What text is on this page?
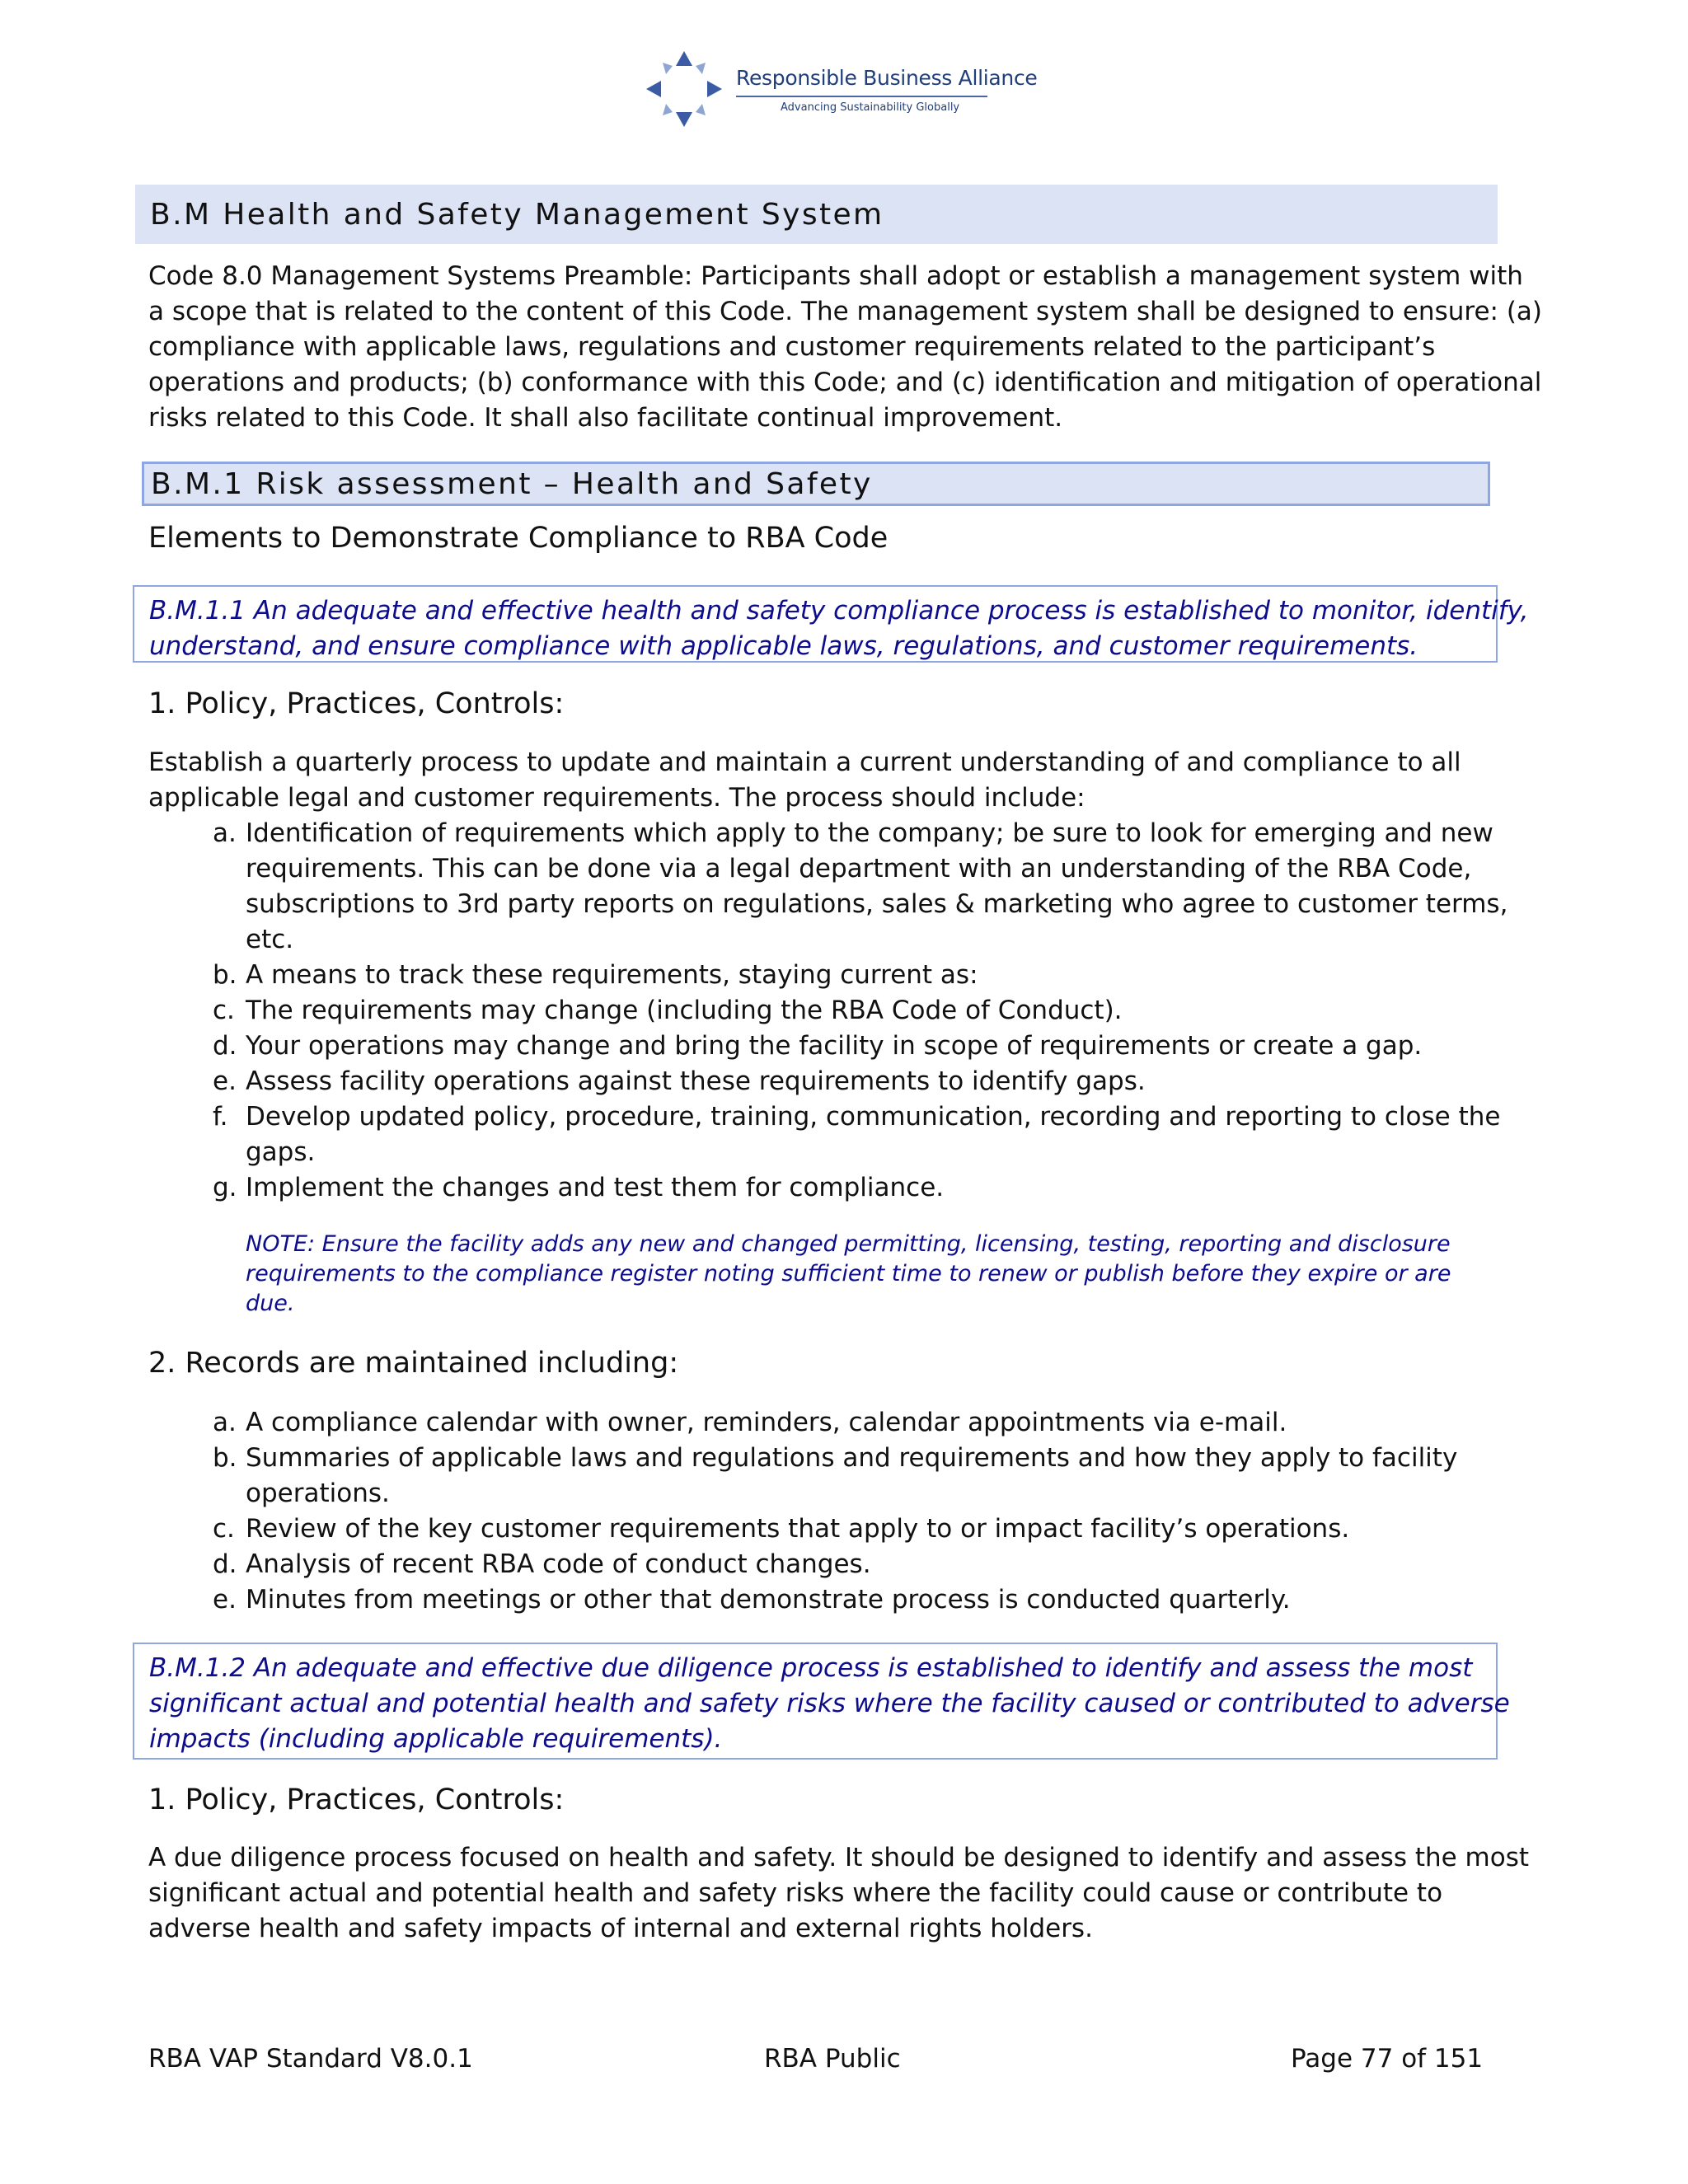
Responsible Business Alliance
Advancing Sustainability Globally
B.M Health and Safety Management System
Code 8.0 Management Systems Preamble: Participants shall adopt or establish a management system with
a scope that is related to the content of this Code. The management system shall be designed to ensure: (a)
compliance with applicable laws, regulations and customer requirements related to the participant’s
operations and products; (b) conformance with this Code; and (c) identification and mitigation of operational
risks related to this Code. It shall also facilitate continual improvement.
B.M.1 Risk assessment – Health and Safety
Elements to Demonstrate Compliance to RBA Code
B.M.1.1 An adequate and effective health and safety compliance process is established to monitor, identify,
understand, and ensure compliance with applicable laws, regulations, and customer requirements.
1. Policy, Practices, Controls:
Establish a quarterly process to update and maintain a current understanding of and compliance to all
applicable legal and customer requirements. The process should include:
a. Identification of requirements which apply to the company; be sure to look for emerging and new
requirements. This can be done via a legal department with an understanding of the RBA Code,
subscriptions to 3rd party reports on regulations, sales & marketing who agree to customer terms,
etc.
b. A means to track these requirements, staying current as:
c. The requirements may change (including the RBA Code of Conduct).
d. Your operations may change and bring the facility in scope of requirements or create a gap.
e. Assess facility operations against these requirements to identify gaps.
f. Develop updated policy, procedure, training, communication, recording and reporting to close the
gaps.
g. Implement the changes and test them for compliance.
NOTE: Ensure the facility adds any new and changed permitting, licensing, testing, reporting and disclosure
requirements to the compliance register noting sufficient time to renew or publish before they expire or are
due.
2. Records are maintained including:
a. A compliance calendar with owner, reminders, calendar appointments via e-mail.
b. Summaries of applicable laws and regulations and requirements and how they apply to facility
operations.
c. Review of the key customer requirements that apply to or impact facility’s operations.
d. Analysis of recent RBA code of conduct changes.
e. Minutes from meetings or other that demonstrate process is conducted quarterly.
B.M.1.2 An adequate and effective due diligence process is established to identify and assess the most
significant actual and potential health and safety risks where the facility caused or contributed to adverse
impacts (including applicable requirements).
1. Policy, Practices, Controls:
A due diligence process focused on health and safety. It should be designed to identify and assess the most
significant actual and potential health and safety risks where the facility could cause or contribute to
adverse health and safety impacts of internal and external rights holders.
RBA VAP Standard V8.0.1	RBA Public	Page 77 of 151
